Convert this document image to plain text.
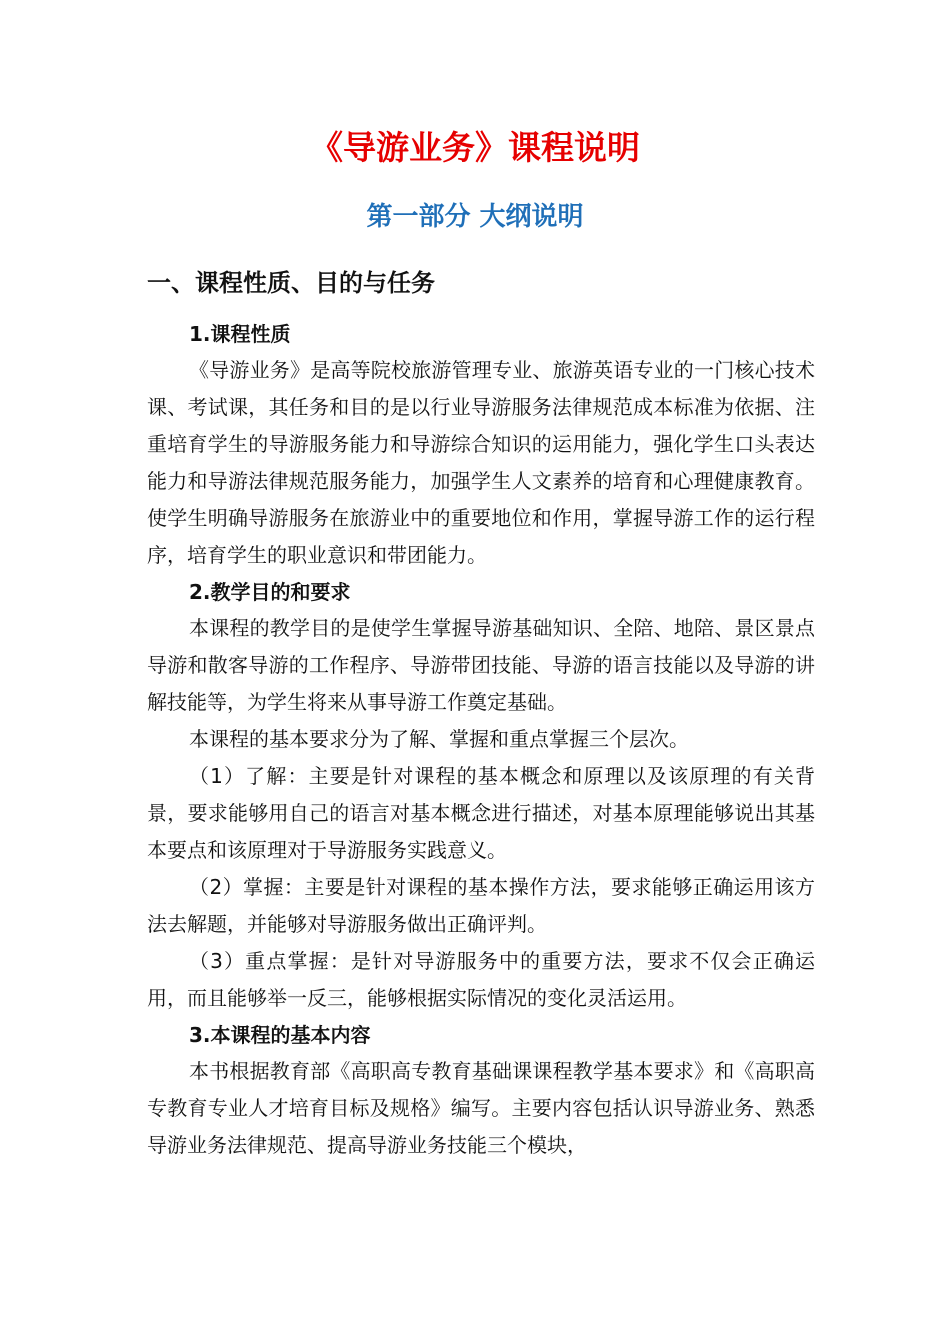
《导游业务》课程说明
第一部分 大纲说明
一、课程性质、目的与任务
1.课程性质

《导游业务》是高等院校旅游管理专业、旅游英语专业的一门核心技术课、考试课，其任务和目的是以行业导游服务法律规范成本标准为依据、注重培育学生的导游服务能力和导游综合知识的运用能力，强化学生口头表达能力和导游法律规范服务能力，加强学生人文素养的培育和心理健康教育。使学生明确导游服务在旅游业中的重要地位和作用，掌握导游工作的运行程序，培育学生的职业意识和带团能力。

2.教学目的和要求

本课程的教学目的是使学生掌握导游基础知识、全陪、地陪、景区景点导游和散客导游的工作程序、导游带团技能、导游的语言技能以及导游的讲解技能等，为学生将来从事导游工作奠定基础。

本课程的基本要求分为了解、掌握和重点掌握三个层次。

（1）了解：主要是针对课程的基本概念和原理以及该原理的有关背景，要求能够用自己的语言对基本概念进行描述，对基本原理能够说出其基本要点和该原理对于导游服务实践意义。

（2）掌握：主要是针对课程的基本操作方法，要求能够正确运用该方法去解题，并能够对导游服务做出正确评判。

（3）重点掌握：是针对导游服务中的重要方法，要求不仅会正确运用，而且能够举一反三，能够根据实际情况的变化灵活运用。

3.本课程的基本内容

本书根据教育部《高职高专教育基础课课程教学基本要求》和《高职高专教育专业人才培育目标及规格》编写。主要内容包括认识导游业务、熟悉导游业务法律规范、提高导游业务技能三个模块，
